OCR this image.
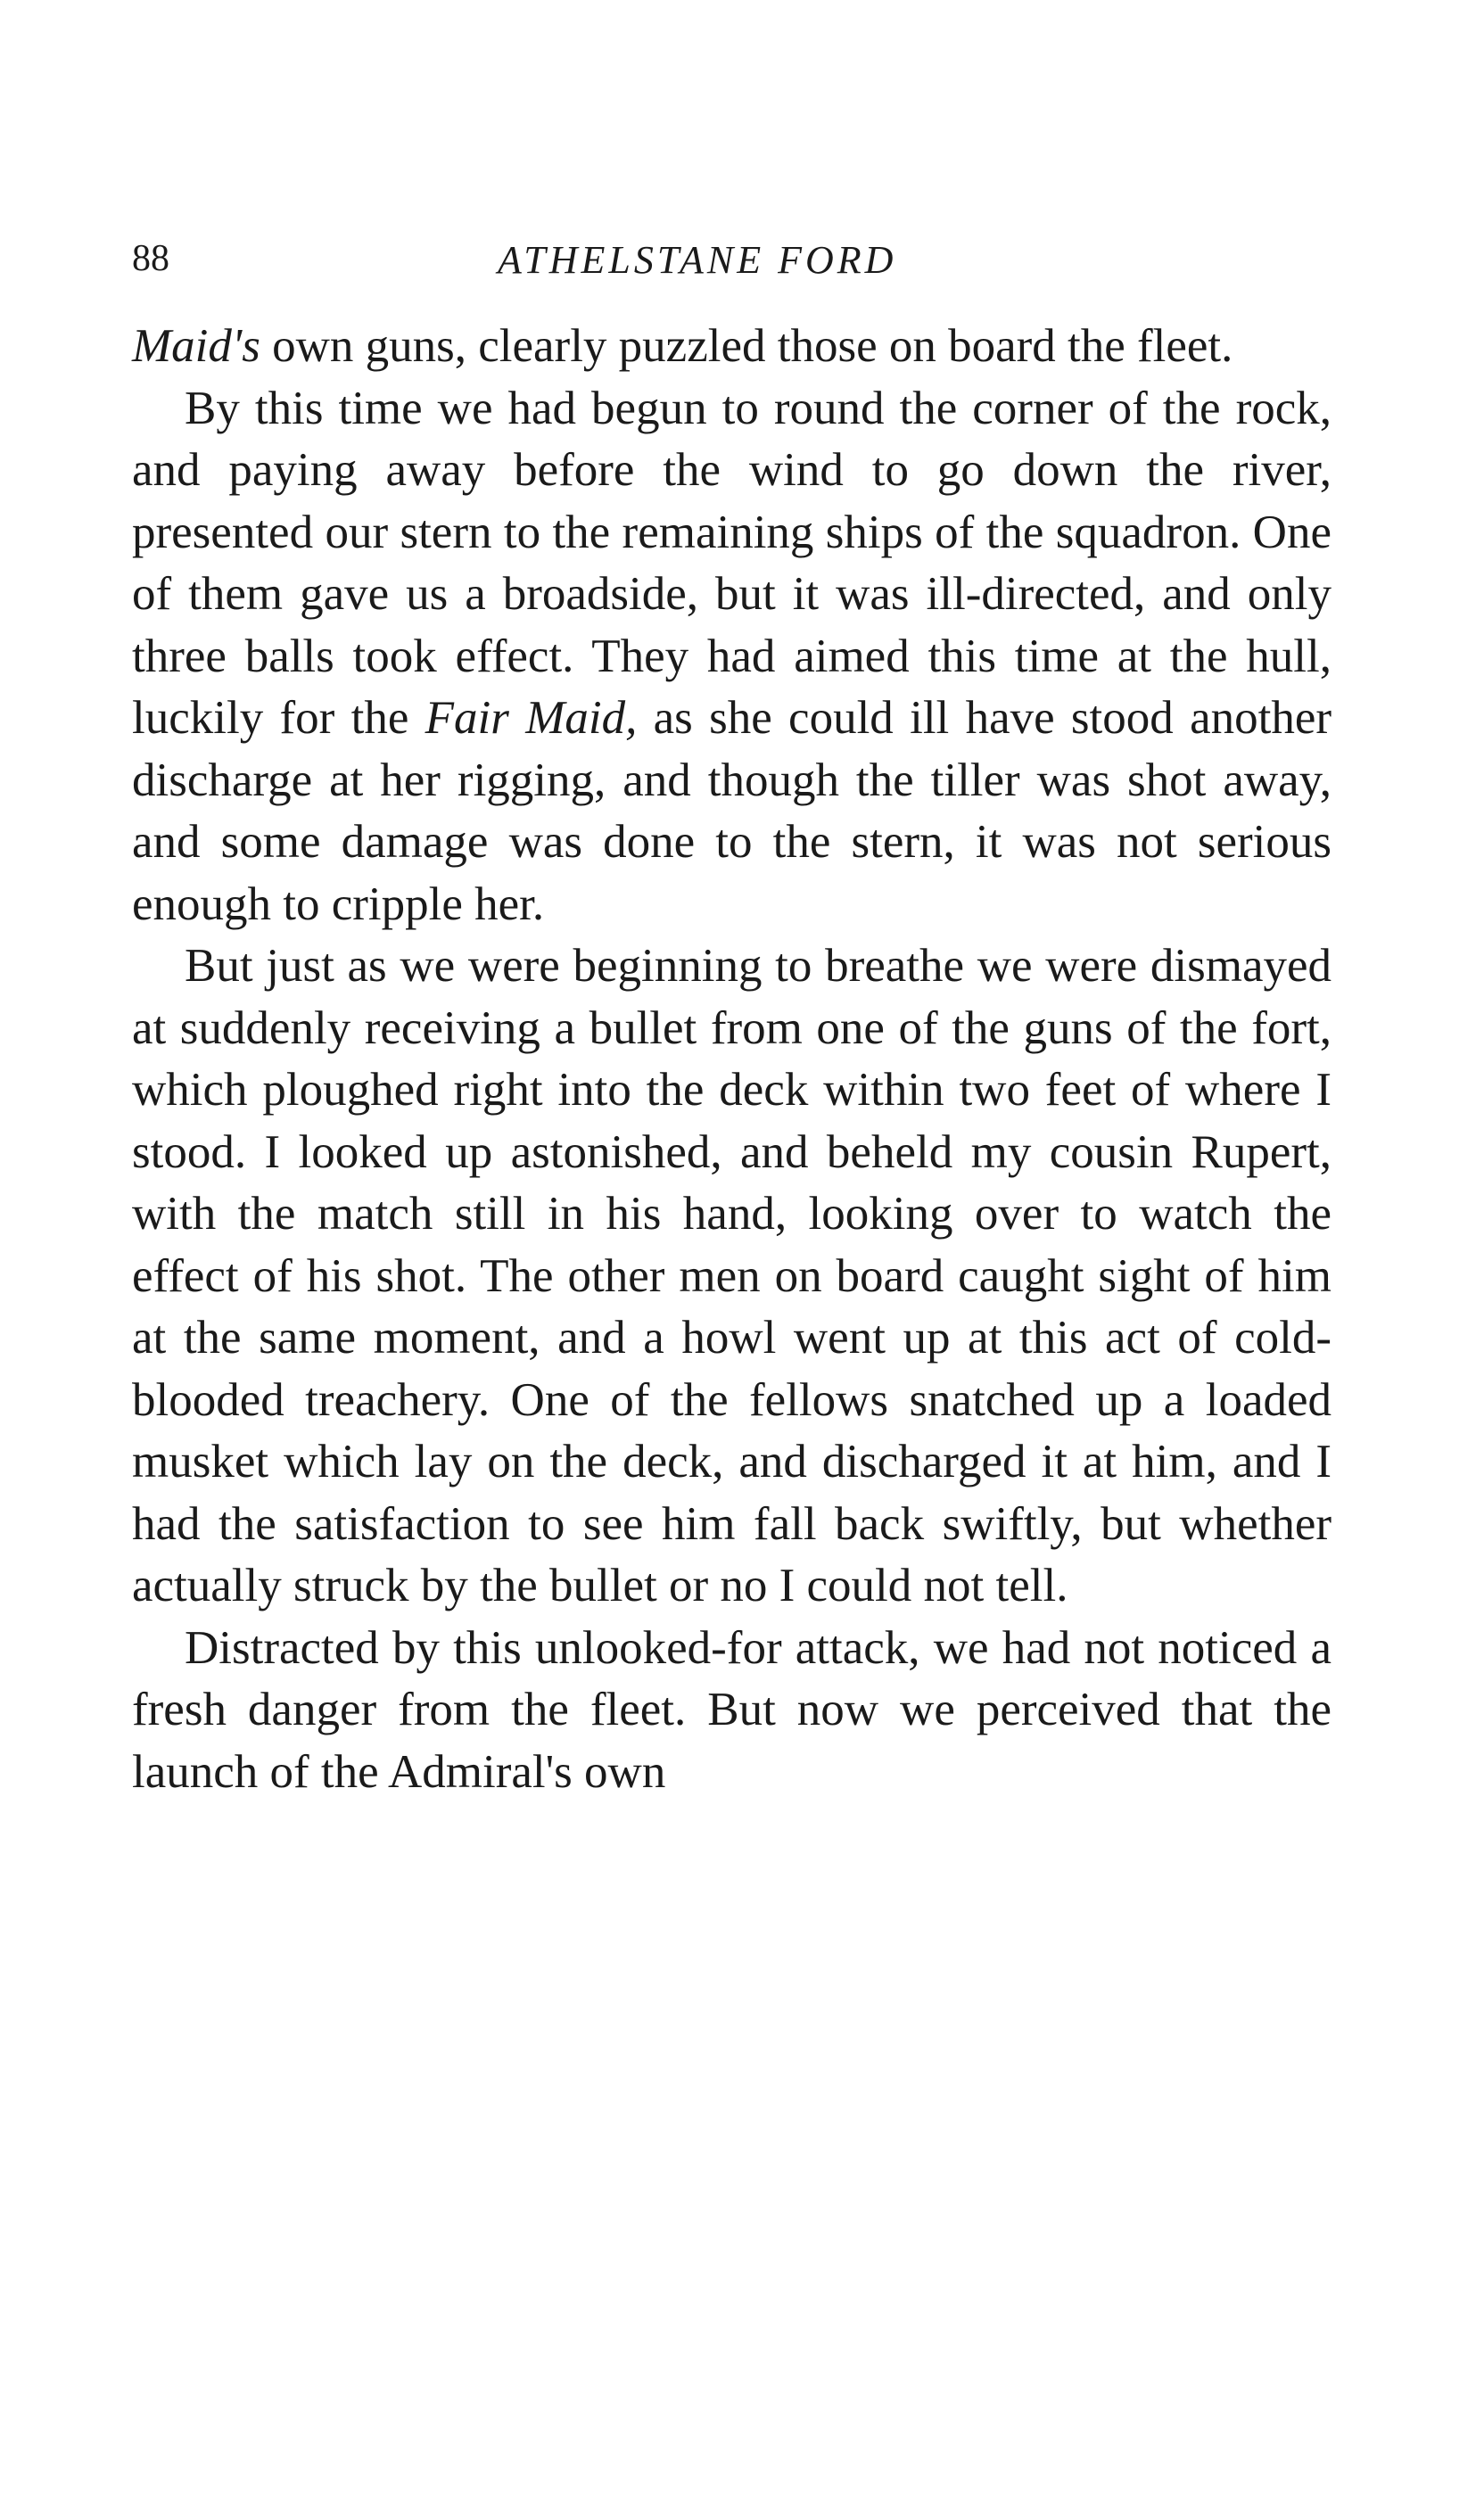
88	ATHELSTANE FORD

Maid's own guns, clearly puzzled those on board the fleet.

By this time we had begun to round the corner of the rock, and paying away before the wind to go down the river, presented our stern to the remaining ships of the squadron. One of them gave us a broadside, but it was ill-directed, and only three balls took effect. They had aimed this time at the hull, luckily for the Fair Maid, as she could ill have stood another discharge at her rigging, and though the tiller was shot away, and some damage was done to the stern, it was not serious enough to cripple her.

But just as we were beginning to breathe we were dismayed at suddenly receiving a bullet from one of the guns of the fort, which ploughed right into the deck within two feet of where I stood. I looked up astonished, and beheld my cousin Rupert, with the match still in his hand, looking over to watch the effect of his shot. The other men on board caught sight of him at the same moment, and a howl went up at this act of cold-blooded treachery. One of the fellows snatched up a loaded musket which lay on the deck, and discharged it at him, and I had the satisfaction to see him fall back swiftly, but whether actually struck by the bullet or no I could not tell.

Distracted by this unlooked-for attack, we had not noticed a fresh danger from the fleet. But now we perceived that the launch of the Admiral's own
